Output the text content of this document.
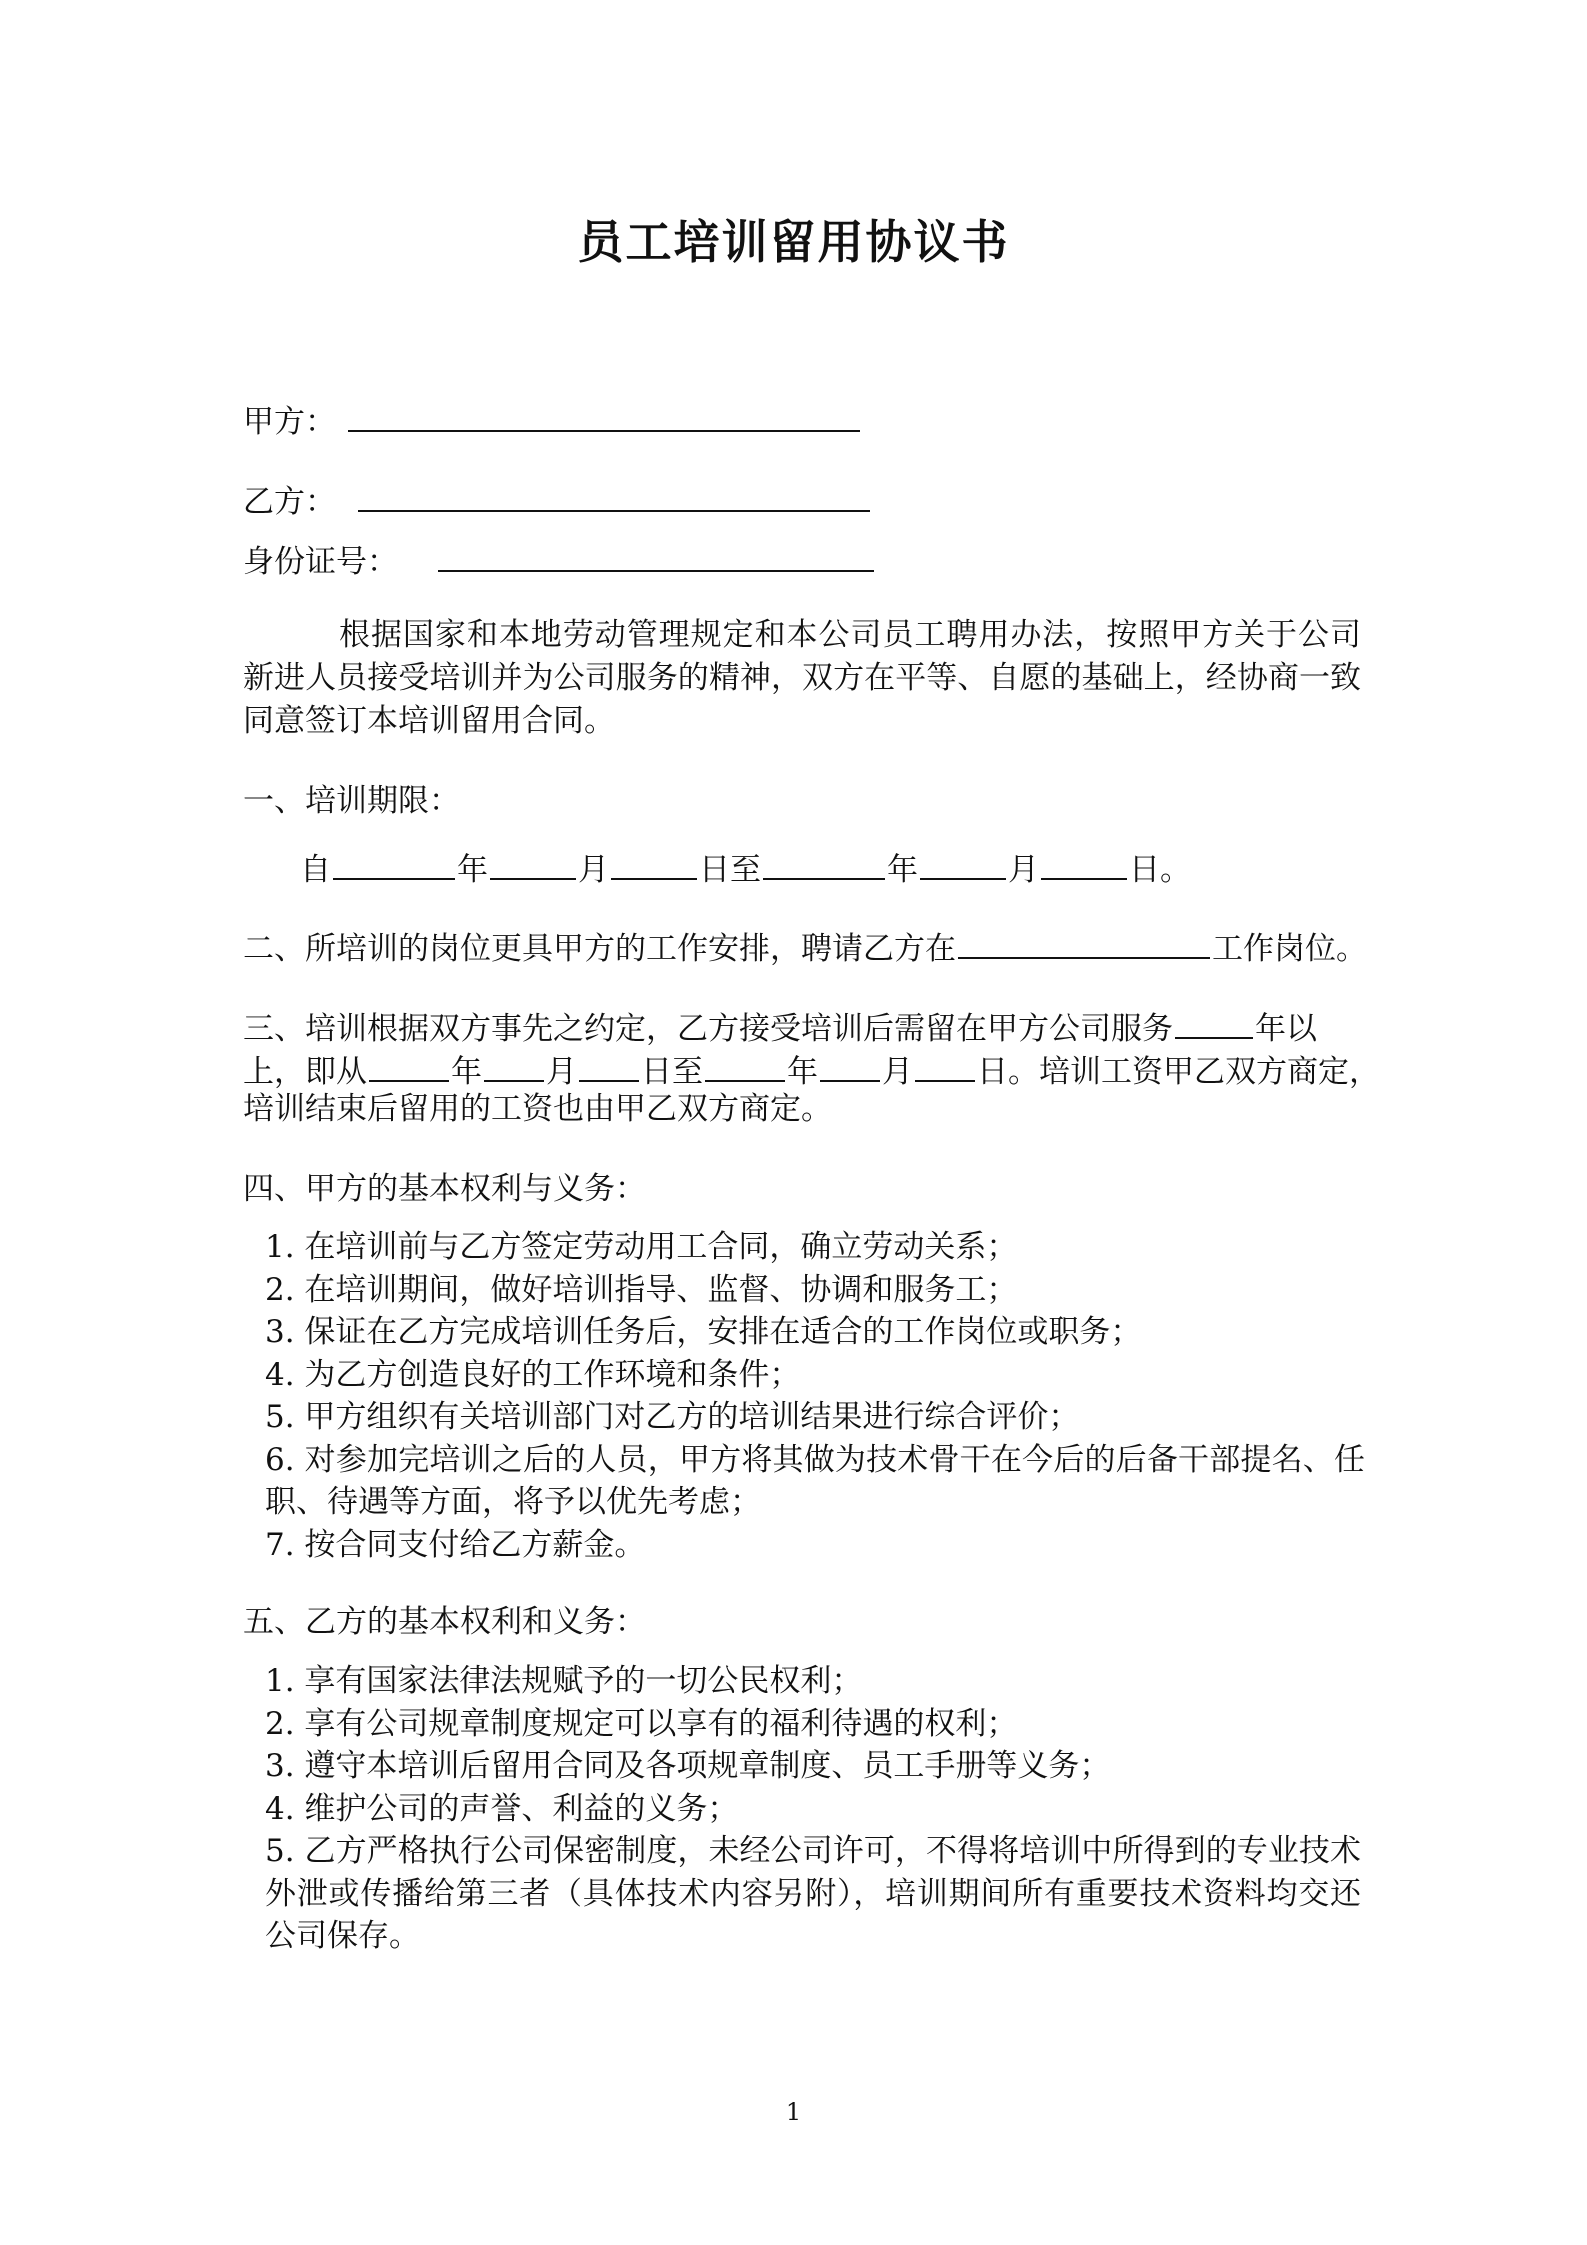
员工培训留用协议书
甲方：
乙方：
身份证号：
根据国家和本地劳动管理规定和本公司员工聘用办法，按照甲方关于公司新进人员接受培训并为公司服务的精神，双方在平等、自愿的基础上，经协商一致同意签订本培训留用合同。
一、培训期限：
自	年	月	日至	年	月	日。
二、所培训的岗位更具甲方的工作安排，聘请乙方在	工作岗位。
三、培训根据双方事先之约定，乙方接受培训后需留在甲方公司服务	年以
上，即从	年 月 日至	年 月 日。培训工资甲乙双方商定，
培训结束后留用的工资也由甲乙双方商定。
四、甲方的基本权利与义务：
1. 在培训前与乙方签定劳动用工合同，确立劳动关系；
2. 在培训期间，做好培训指导、监督、协调和服务工；
3. 保证在乙方完成培训任务后，安排在适合的工作岗位或职务；
4. 为乙方创造良好的工作环境和条件；
5. 甲方组织有关培训部门对乙方的培训结果进行综合评价；
6. 对参加完培训之后的人员，甲方将其做为技术骨干在今后的后备干部提名、任职、待遇等方面，将予以优先考虑；
7. 按合同支付给乙方薪金。
五、乙方的基本权利和义务：
1. 享有国家法律法规赋予的一切公民权利；
2. 享有公司规章制度规定可以享有的福利待遇的权利；
3. 遵守本培训后留用合同及各项规章制度、员工手册等义务；
4. 维护公司的声誉、利益的义务；
5. 乙方严格执行公司保密制度，未经公司许可，不得将培训中所得到的专业技术外泄或传播给第三者（具体技术内容另附），培训期间所有重要技术资料均交还公司保存。
1
